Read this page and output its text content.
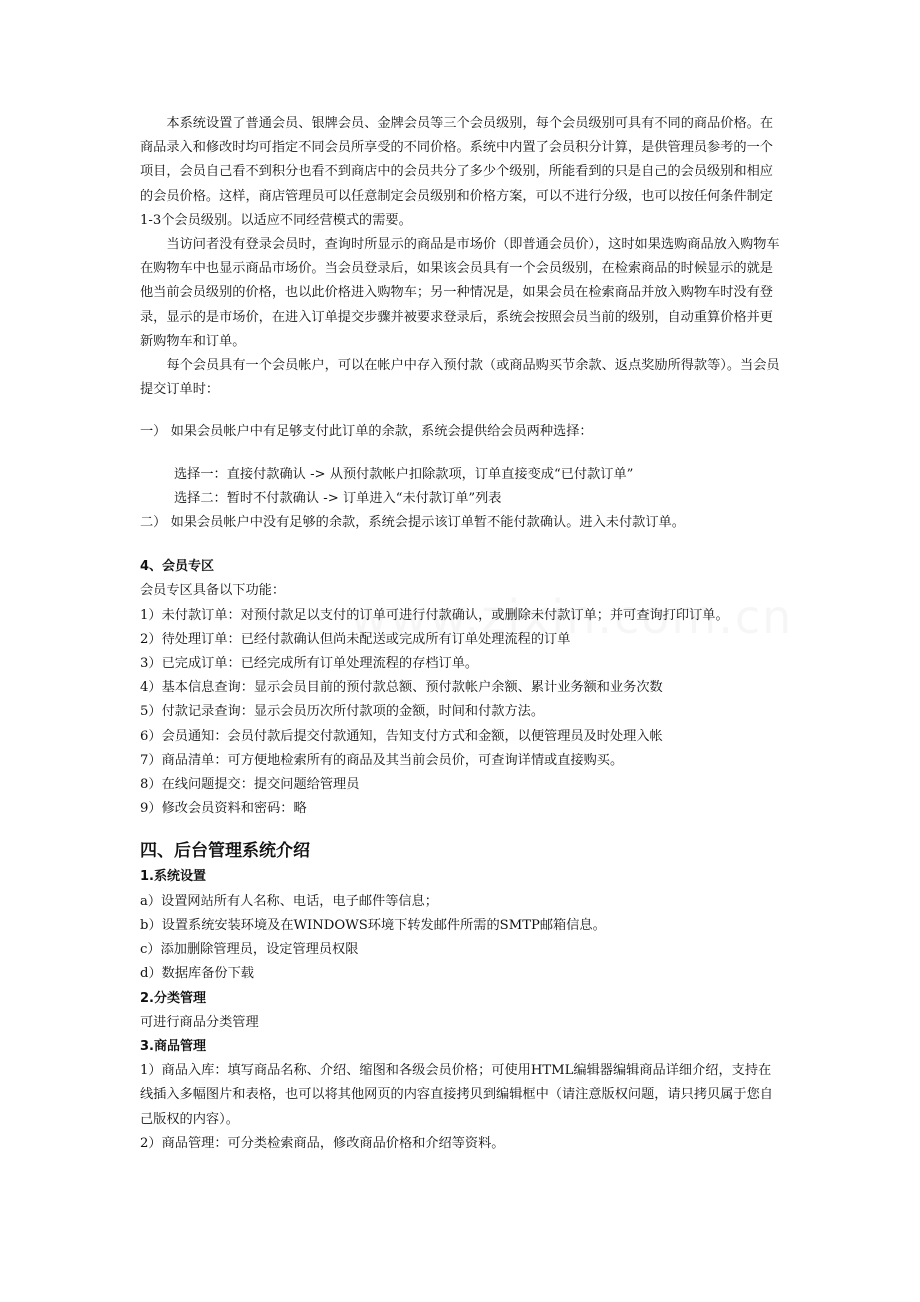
本系统设置了普通会员、银牌会员、金牌会员等三个会员级别，每个会员级别可具有不同的商品价格。在商品录入和修改时均可指定不同会员所享受的不同价格。系统中内置了会员积分计算，是供管理员参考的一个项目，会员自己看不到积分也看不到商店中的会员共分了多少个级别，所能看到的只是自己的会员级别和相应的会员价格。这样，商店管理员可以任意制定会员级别和价格方案，可以不进行分级，也可以按任何条件制定1-3个会员级别。以适应不同经营模式的需要。

当访问者没有登录会员时，查询时所显示的商品是市场价（即普通会员价），这时如果选购商品放入购物车在购物车中也显示商品市场价。当会员登录后，如果该会员具有一个会员级别，在检索商品的时候显示的就是他当前会员级别的价格，也以此价格进入购物车；另一种情况是，如果会员在检索商品并放入购物车时没有登录，显示的是市场价，在进入订单提交步骤并被要求登录后，系统会按照会员当前的级别，自动重算价格并更新购物车和订单。

每个会员具有一个会员帐户，可以在帐户中存入预付款（或商品购买节余款、返点奖励所得款等）。当会员提交订单时：

一） 如果会员帐户中有足够支付此订单的余款，系统会提供给会员两种选择：

选择一：直接付款确认 -> 从预付款帐户扣除款项，订单直接变成“已付款订单”

选择二：暂时不付款确认 -> 订单进入“未付款订单”列表

二） 如果会员帐户中没有足够的余款，系统会提示该订单暂不能付款确认。进入未付款订单。

4、会员专区

会员专区具备以下功能：

1）未付款订单：对预付款足以支付的订单可进行付款确认，或删除未付款订单；并可查询打印订单。

2）待处理订单：已经付款确认但尚未配送或完成所有订单处理流程的订单

3）已完成订单：已经完成所有订单处理流程的存档订单。

4）基本信息查询：显示会员目前的预付款总额、预付款帐户余额、累计业务额和业务次数

5）付款记录查询：显示会员历次所付款项的金额，时间和付款方法。

6）会员通知：会员付款后提交付款通知，告知支付方式和金额，以便管理员及时处理入帐

7）商品清单：可方便地检索所有的商品及其当前会员价，可查询详情或直接购买。

8）在线问题提交：提交问题给管理员

9）修改会员资料和密码：略

四、后台管理系统介绍

1.系统设置

a）设置网站所有人名称、电话，电子邮件等信息；

b）设置系统安装环境及在WINDOWS环境下转发邮件所需的SMTP邮箱信息。

c）添加删除管理员，设定管理员权限

d）数据库备份下载

2.分类管理

可进行商品分类管理

3.商品管理

1）商品入库：填写商品名称、介绍、缩图和各级会员价格；可使用HTML编辑器编辑商品详细介绍，支持在线插入多幅图片和表格，也可以将其他网页的内容直接拷贝到编辑框中（请注意版权问题，请只拷贝属于您自己版权的内容）。

2）商品管理：可分类检索商品，修改商品价格和介绍等资料。
